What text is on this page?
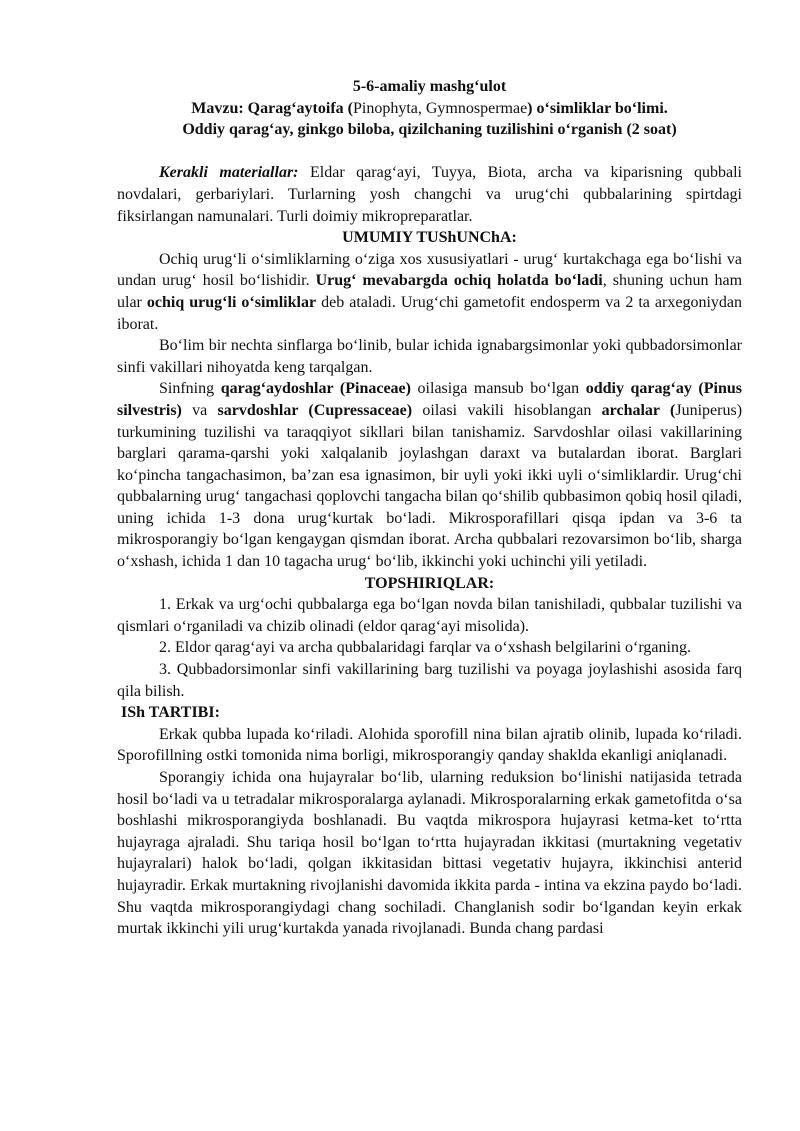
5-6-amaliy mashg‘ulot
Mavzu: Qarag‘aytoifa (Pinophyta, Gymnospermae) o‘simliklar bo‘limi.
Oddiy qarag‘ay, ginkgo biloba, qizilchaning tuzilishini o‘rganish (2 soat)

Kerakli materiallar: Eldar qarag‘ayi, Tuyya, Biota, archa va kiparisning qubbali novdalari, gerbariylari. Turlarning yosh changchi va urug‘chi qubbalarining spirtdagi fiksirlangan namunalari. Turli doimiy mikropreparatlar.

UMUMIY TUShUNChA:

Ochiq urug‘li o‘simliklarning o‘ziga xos xususiyatlari - urug‘ kurtakchaga ega bo‘lishi va undan urug‘ hosil bo‘lishidir. Urug‘ mevabargda ochiq holatda bo‘ladi, shuning uchun ham ular ochiq urug‘li o‘simliklar deb ataladi. Urug‘chi gametofit endosperm va 2 ta arxegoniydan iborat.

Bo‘lim bir nechta sinflarga bo‘linib, bular ichida ignabargsimonlar yoki qubbadorsimonlar sinfi vakillari nihoyatda keng tarqalgan.

Sinfning qarag‘aydoshlar (Pinaceae) oilasiga mansub bo‘lgan oddiy qarag‘ay (Pinus silvestris) va sarvdoshlar (Cupressaceae) oilasi vakili hisoblangan archalar (Juniperus) turkumining tuzilishi va taraqqiyot sikllari bilan tanishamiz. Sarvdoshlar oilasi vakillarining barglari qarama-qarshi yoki xalqalanib joylashgan daraxt va butalardan iborat. Barglari ko‘pincha tangachasimon, ba’zan esa ignasimon, bir uyli yoki ikki uyli o‘simliklardir. Urug‘chi qubbalarning urug‘ tangachasi qoplovchi tangacha bilan qo‘shilib qubbasimon qobiq hosil qiladi, uning ichida 1-3 dona urug‘kurtak bo‘ladi. Mikrosporafillari qisqa ipdan va 3-6 ta mikrosporangiy bo‘lgan kengaygan qismdan iborat. Archa qubbalari rezovarsimon bo‘lib, sharga o‘xshash, ichida 1 dan 10 tagacha urug‘ bo‘lib, ikkinchi yoki uchinchi yili yetiladi.

TOPSHIRIQLAR:

1. Erkak va urg‘ochi qubbalarga ega bo‘lgan novda bilan tanishiladi, qubbalar tuzilishi va qismlari o‘rganiladi va chizib olinadi (eldor qarag‘ayi misolida).

2. Eldor qarag‘ayi va archa qubbalaridagi farqlar va o‘xshash belgilarini o‘rganing.

3. Qubbadorsimonlar sinfi vakillarining barg tuzilishi va poyaga joylashishi asosida farq qila bilish.

ISh TARTIBI:

Erkak qubba lupada ko‘riladi. Alohida sporofill nina bilan ajratib olinib, lupada ko‘riladi. Sporofillning ostki tomonida nima borligi, mikrosporangiy qanday shaklda ekanligi aniqlanadi.

Sporangiy ichida ona hujayralar bo‘lib, ularning reduksion bo‘linishi natijasida tetrada hosil bo‘ladi va u tetradalar mikrosporalarga aylanadi. Mikrosporalarning erkak gametofitda o‘sa boshlashi mikrosporangiyda boshlanadi. Bu vaqtda mikrospora hujayrasi ketma-ket to‘rtta hujayraga ajraladi. Shu tariqa hosil bo‘lgan to‘rtta hujayradan ikkitasi (murtakning vegetativ hujayralari) halok bo‘ladi, qolgan ikkitasidan bittasi vegetativ hujayra, ikkinchisi anterid hujayradir. Erkak murtakning rivojlanishi davomida ikkita parda - intina va ekzina paydo bo‘ladi. Shu vaqtda mikrosporangiydagi chang sochiladi. Changlanish sodir bo‘lgandan keyin erkak murtak ikkinchi yili urug‘kurtakda yanada rivojlanadi. Bunda chang pardasi
